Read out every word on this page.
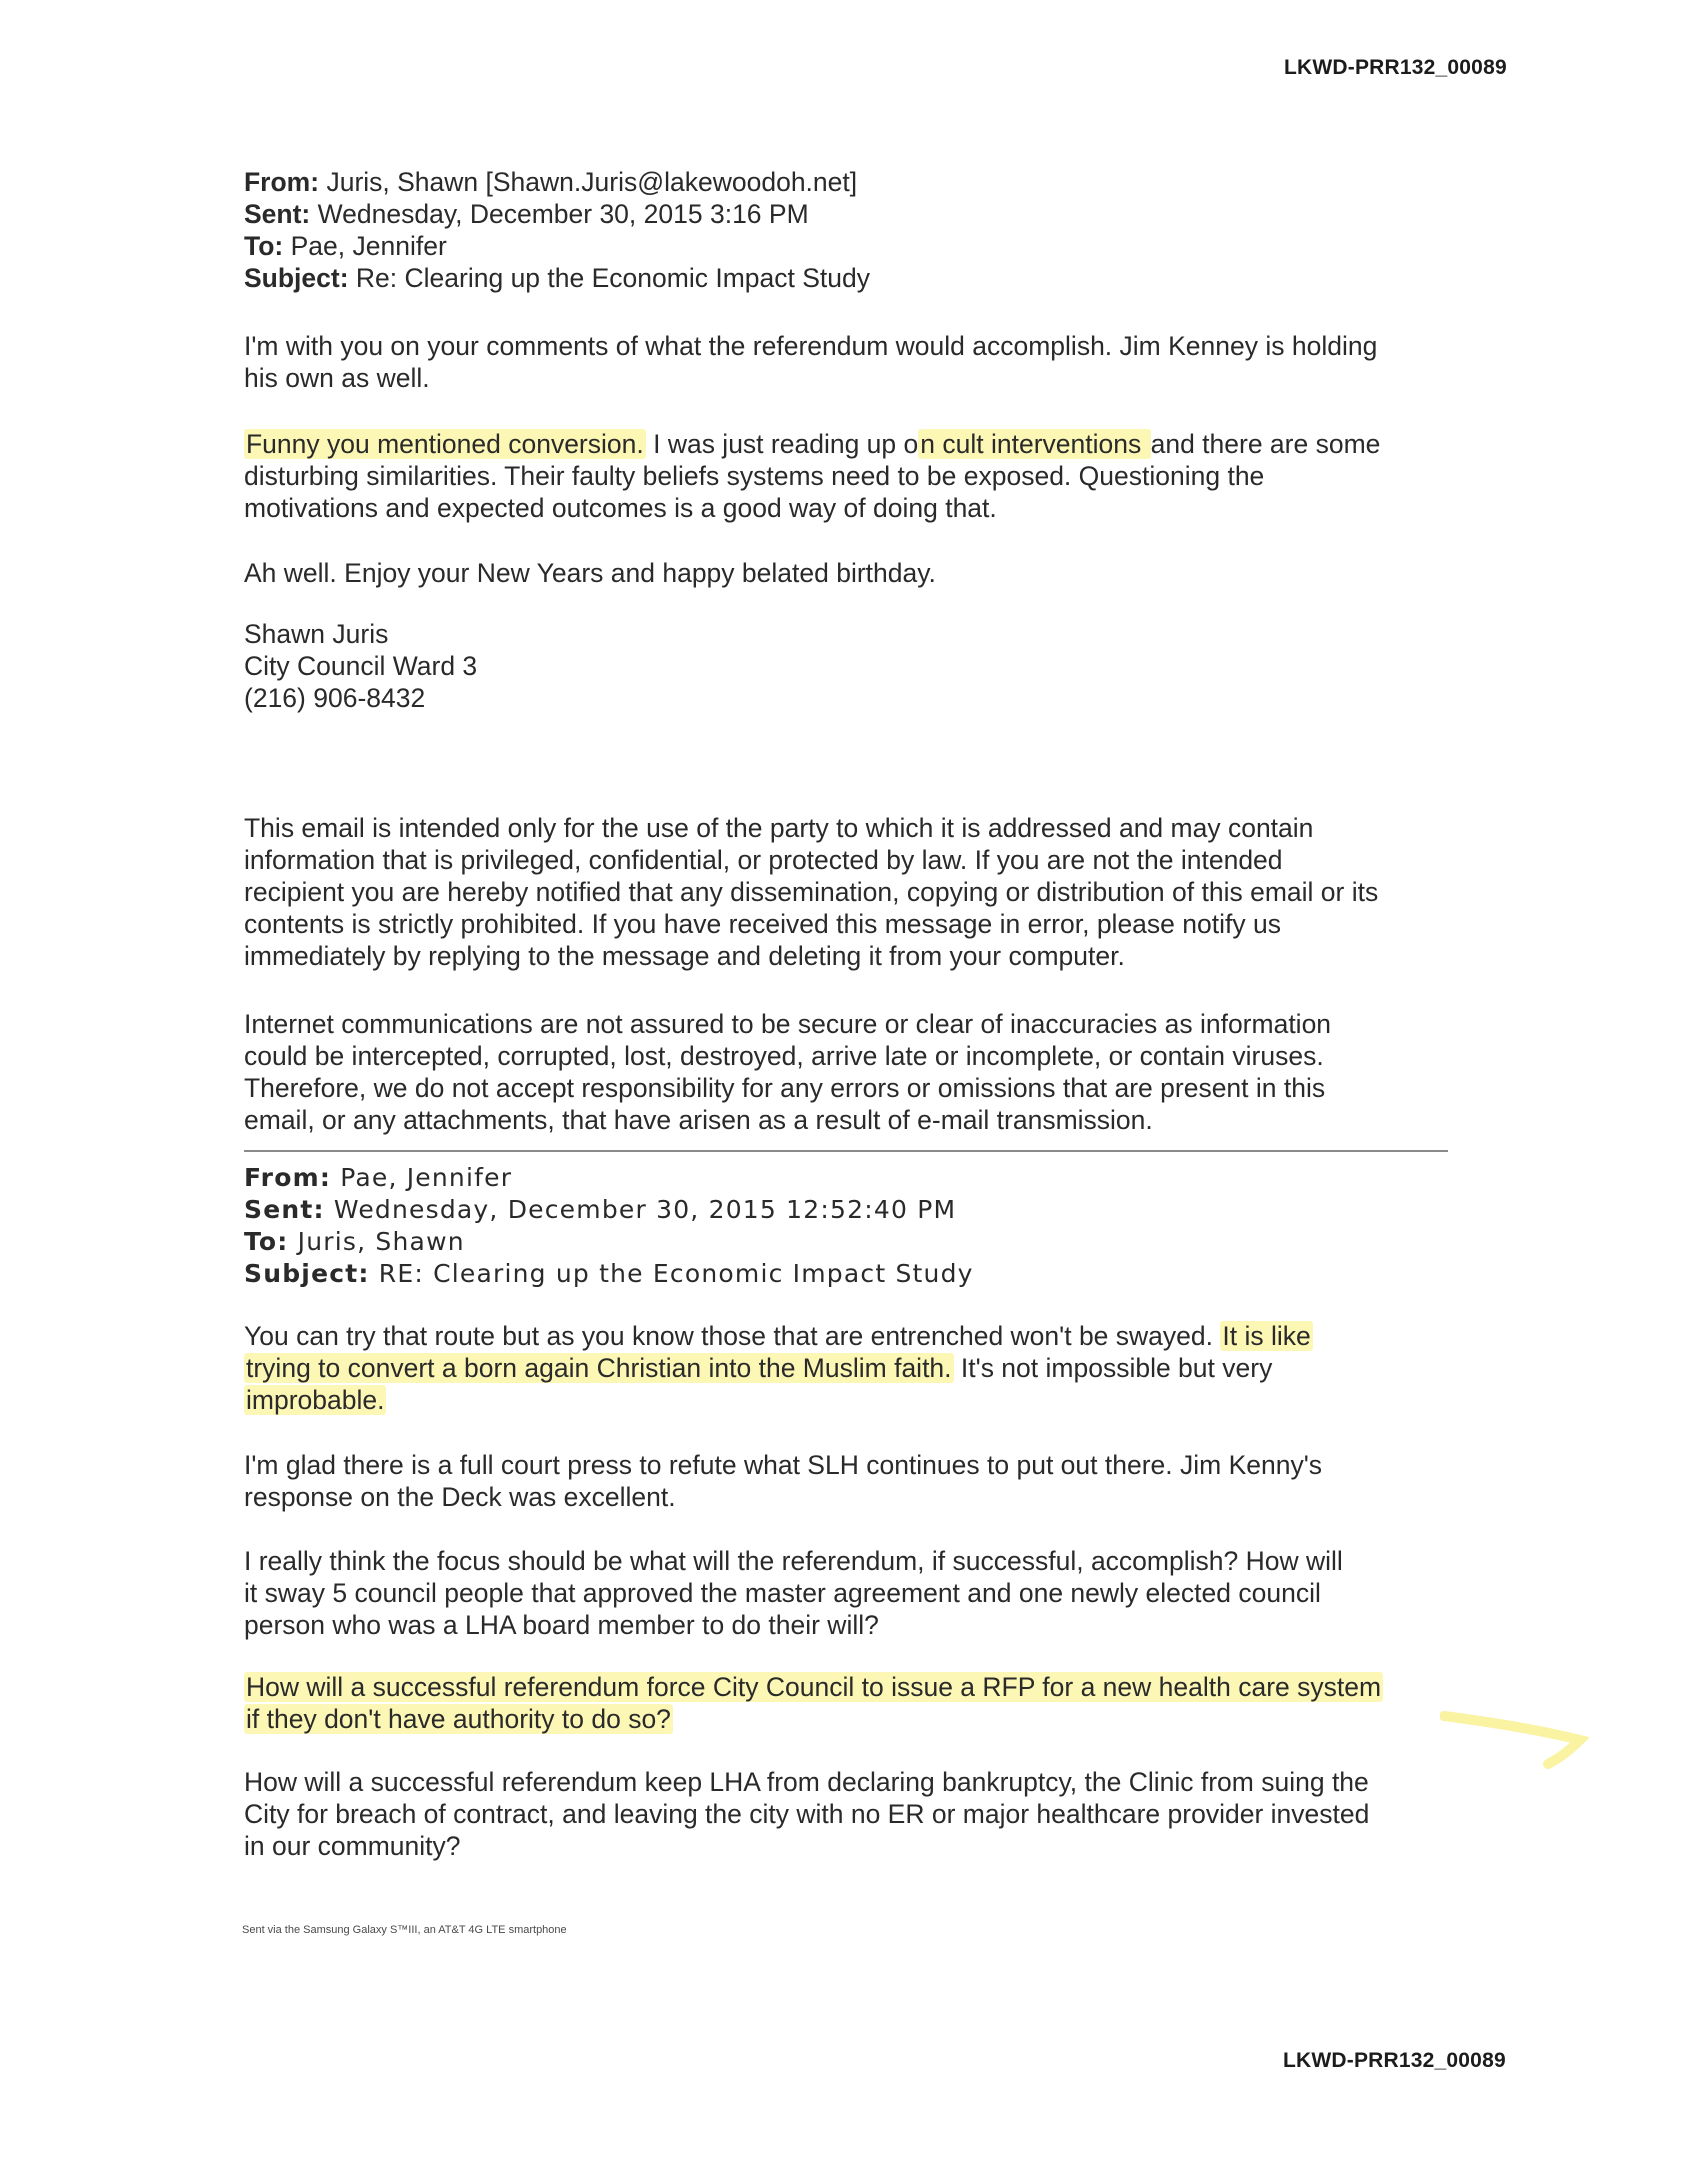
LKWD-PRR132_00089
From: Juris, Shawn [Shawn.Juris@lakewoodoh.net]
Sent: Wednesday, December 30, 2015 3:16 PM
To: Pae, Jennifer
Subject: Re: Clearing up the Economic Impact Study
I'm with you on your comments of what the referendum would accomplish. Jim Kenney is holding
his own as well.
Funny you mentioned conversion. I was just reading up on cult interventions and there are some
disturbing similarities. Their faulty beliefs systems need to be exposed. Questioning the
motivations and expected outcomes is a good way of doing that.
Ah well. Enjoy your New Years and happy belated birthday.
Shawn Juris
City Council Ward 3
(216) 906-8432
This email is intended only for the use of the party to which it is addressed and may contain
information that is privileged, confidential, or protected by law. If you are not the intended
recipient you are hereby notified that any dissemination, copying or distribution of this email or its
contents is strictly prohibited. If you have received this message in error, please notify us
immediately by replying to the message and deleting it from your computer.
Internet communications are not assured to be secure or clear of inaccuracies as information
could be intercepted, corrupted, lost, destroyed, arrive late or incomplete, or contain viruses.
Therefore, we do not accept responsibility for any errors or omissions that are present in this
email, or any attachments, that have arisen as a result of e-mail transmission.
From: Pae, Jennifer
Sent: Wednesday, December 30, 2015 12:52:40 PM
To: Juris, Shawn
Subject: RE: Clearing up the Economic Impact Study
You can try that route but as you know those that are entrenched won't be swayed. It is like
trying to convert a born again Christian into the Muslim faith. It's not impossible but very
improbable.
I'm glad there is a full court press to refute what SLH continues to put out there. Jim Kenny's
response on the Deck was excellent.
I really think the focus should be what will the referendum, if successful, accomplish? How will
it sway 5 council people that approved the master agreement and one newly elected council
person who was a LHA board member to do their will?
How will a successful referendum force City Council to issue a RFP for a new health care system
if they don't have authority to do so?
How will a successful referendum keep LHA from declaring bankruptcy, the Clinic from suing the
City for breach of contract, and leaving the city with no ER or major healthcare provider invested
in our community?
Sent via the Samsung Galaxy S™III, an AT&T 4G LTE smartphone
LKWD-PRR132_00089
